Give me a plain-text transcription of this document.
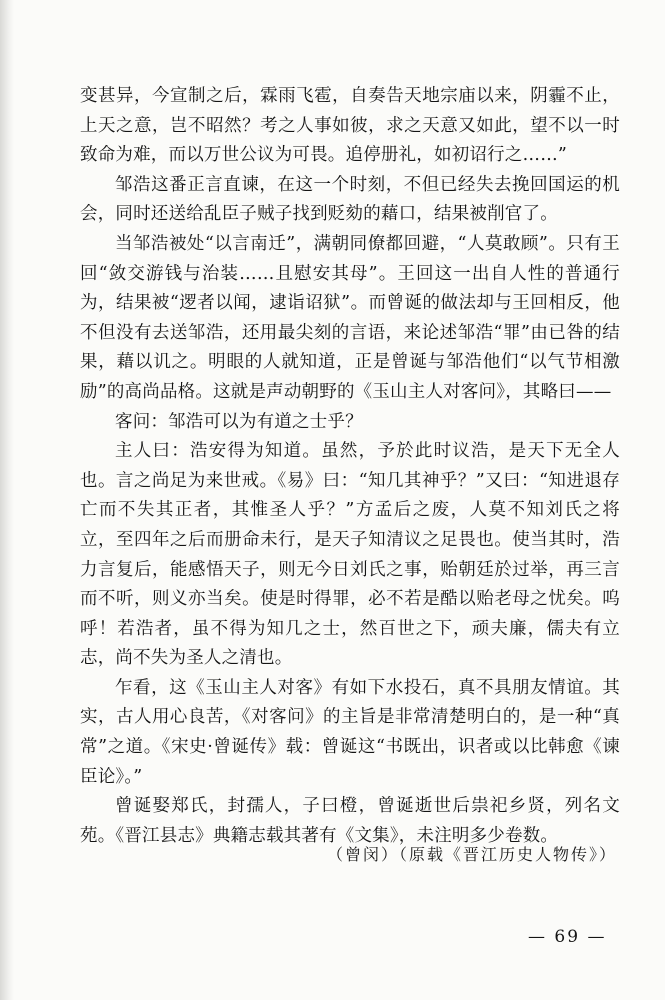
变甚异，今宣制之后，霖雨飞雹，自奏告天地宗庙以来，阴霾不止，上天之意，岂不昭然？考之人事如彼，求之天意又如此，望不以一时致命为难，而以万世公议为可畏。追停册礼，如初诏行之……”

邹浩这番正言直谏，在这一个时刻，不但已经失去挽回国运的机会，同时还送给乱臣子贼子找到贬劾的藉口，结果被削官了。

当邹浩被处“以言南迁”，满朝同僚都回避，“人莫敢顾”。只有王回“敛交游钱与治装……且慰安其母”。王回这一出自人性的普通行为，结果被“逻者以闻，逮诣诏狱”。而曾诞的做法却与王回相反，他不但没有去送邹浩，还用最尖刻的言语，来论述邹浩“罪”由已咎的结果，藉以讥之。明眼的人就知道，正是曾诞与邹浩他们“以气节相激励”的高尚品格。这就是声动朝野的《玉山主人对客问》，其略曰——

客问：邹浩可以为有道之士乎？

主人曰：浩安得为知道。虽然，予於此时议浩，是天下无全人也。言之尚足为来世戒。《易》曰：“知几其神乎？”又曰：“知进退存亡而不失其正者，其惟圣人乎？”方孟后之废，人莫不知刘氏之将立，至四年之后而册命未行，是天子知清议之足畏也。使当其时，浩力言复后，能感悟天子，则无今日刘氏之事，贻朝廷於过举，再三言而不听，则义亦当矣。使是时得罪，必不若是酷以贻老母之忧矣。呜呼！若浩者，虽不得为知几之士，然百世之下，顽夫廉，儒夫有立志，尚不失为圣人之清也。

乍看，这《玉山主人对客》有如下水投石，真不具朋友情谊。其实，古人用心良苦，《对客问》的主旨是非常清楚明白的，是一种“真常”之道。《宋史·曾诞传》载：曾诞这“书既出，识者或以比韩愈《谏臣论》。”

曾诞娶郑氏，封孺人，子曰橙，曾诞逝世后祟祀乡贤，列名文苑。《晋江县志》典籍志载其著有《文集》，未注明多少卷数。

（曾闵）（原载《晋江历史人物传》）
— 69 —
